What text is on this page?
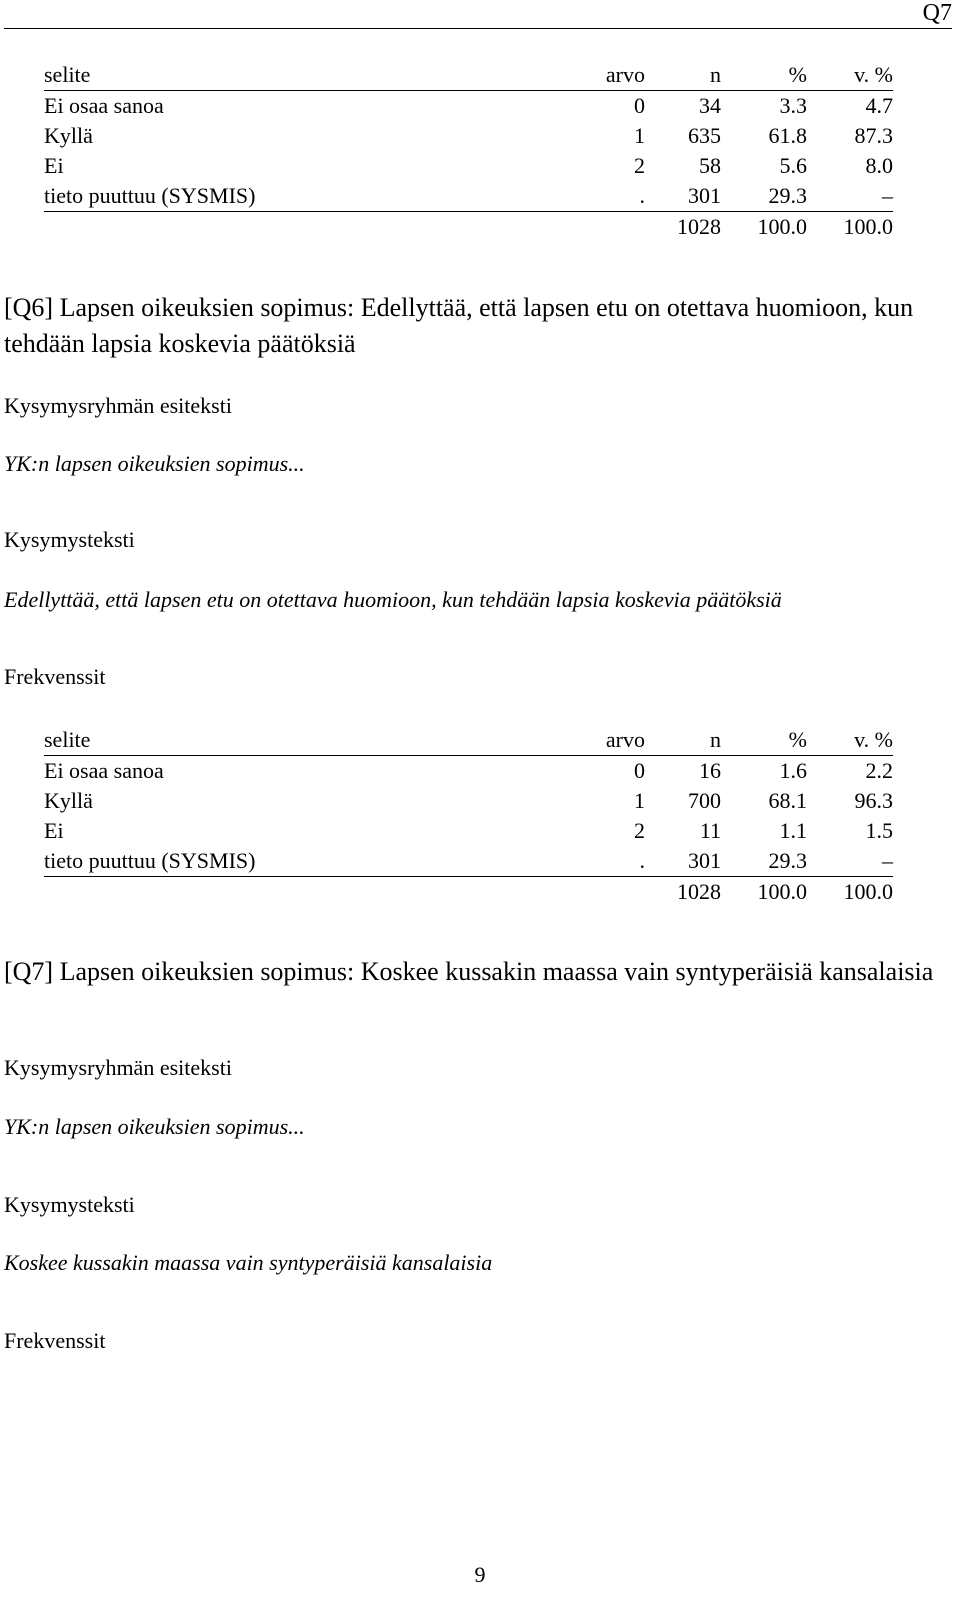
Q7
selite	arvo	n	%	v. %
Ei osaa sanoa	0	34	3.3	4.7
Kyllä	1	635	61.8	87.3
Ei	2	58	5.6	8.0
tieto puuttuu (SYSMIS)	.	301	29.3	–
		1028	100.0	100.0
[Q6] Lapsen oikeuksien sopimus: Edellyttää, että lapsen etu on otettava huomioon, kun tehdään lapsia koskevia päätöksiä

Kysymysryhmän esiteksti

YK:n lapsen oikeuksien sopimus...

Kysymysteksti

Edellyttää, että lapsen etu on otettava huomioon, kun tehdään lapsia koskevia päätöksiä

Frekvenssit

selite	arvo	n	%	v. %
Ei osaa sanoa	0	16	1.6	2.2
Kyllä	1	700	68.1	96.3
Ei	2	11	1.1	1.5
tieto puuttuu (SYSMIS)	.	301	29.3	–
		1028	100.0	100.0
[Q7] Lapsen oikeuksien sopimus: Koskee kussakin maassa vain syntyperäisiä kansalaisia

Kysymysryhmän esiteksti

YK:n lapsen oikeuksien sopimus...

Kysymysteksti

Koskee kussakin maassa vain syntyperäisiä kansalaisia

Frekvenssit

9
